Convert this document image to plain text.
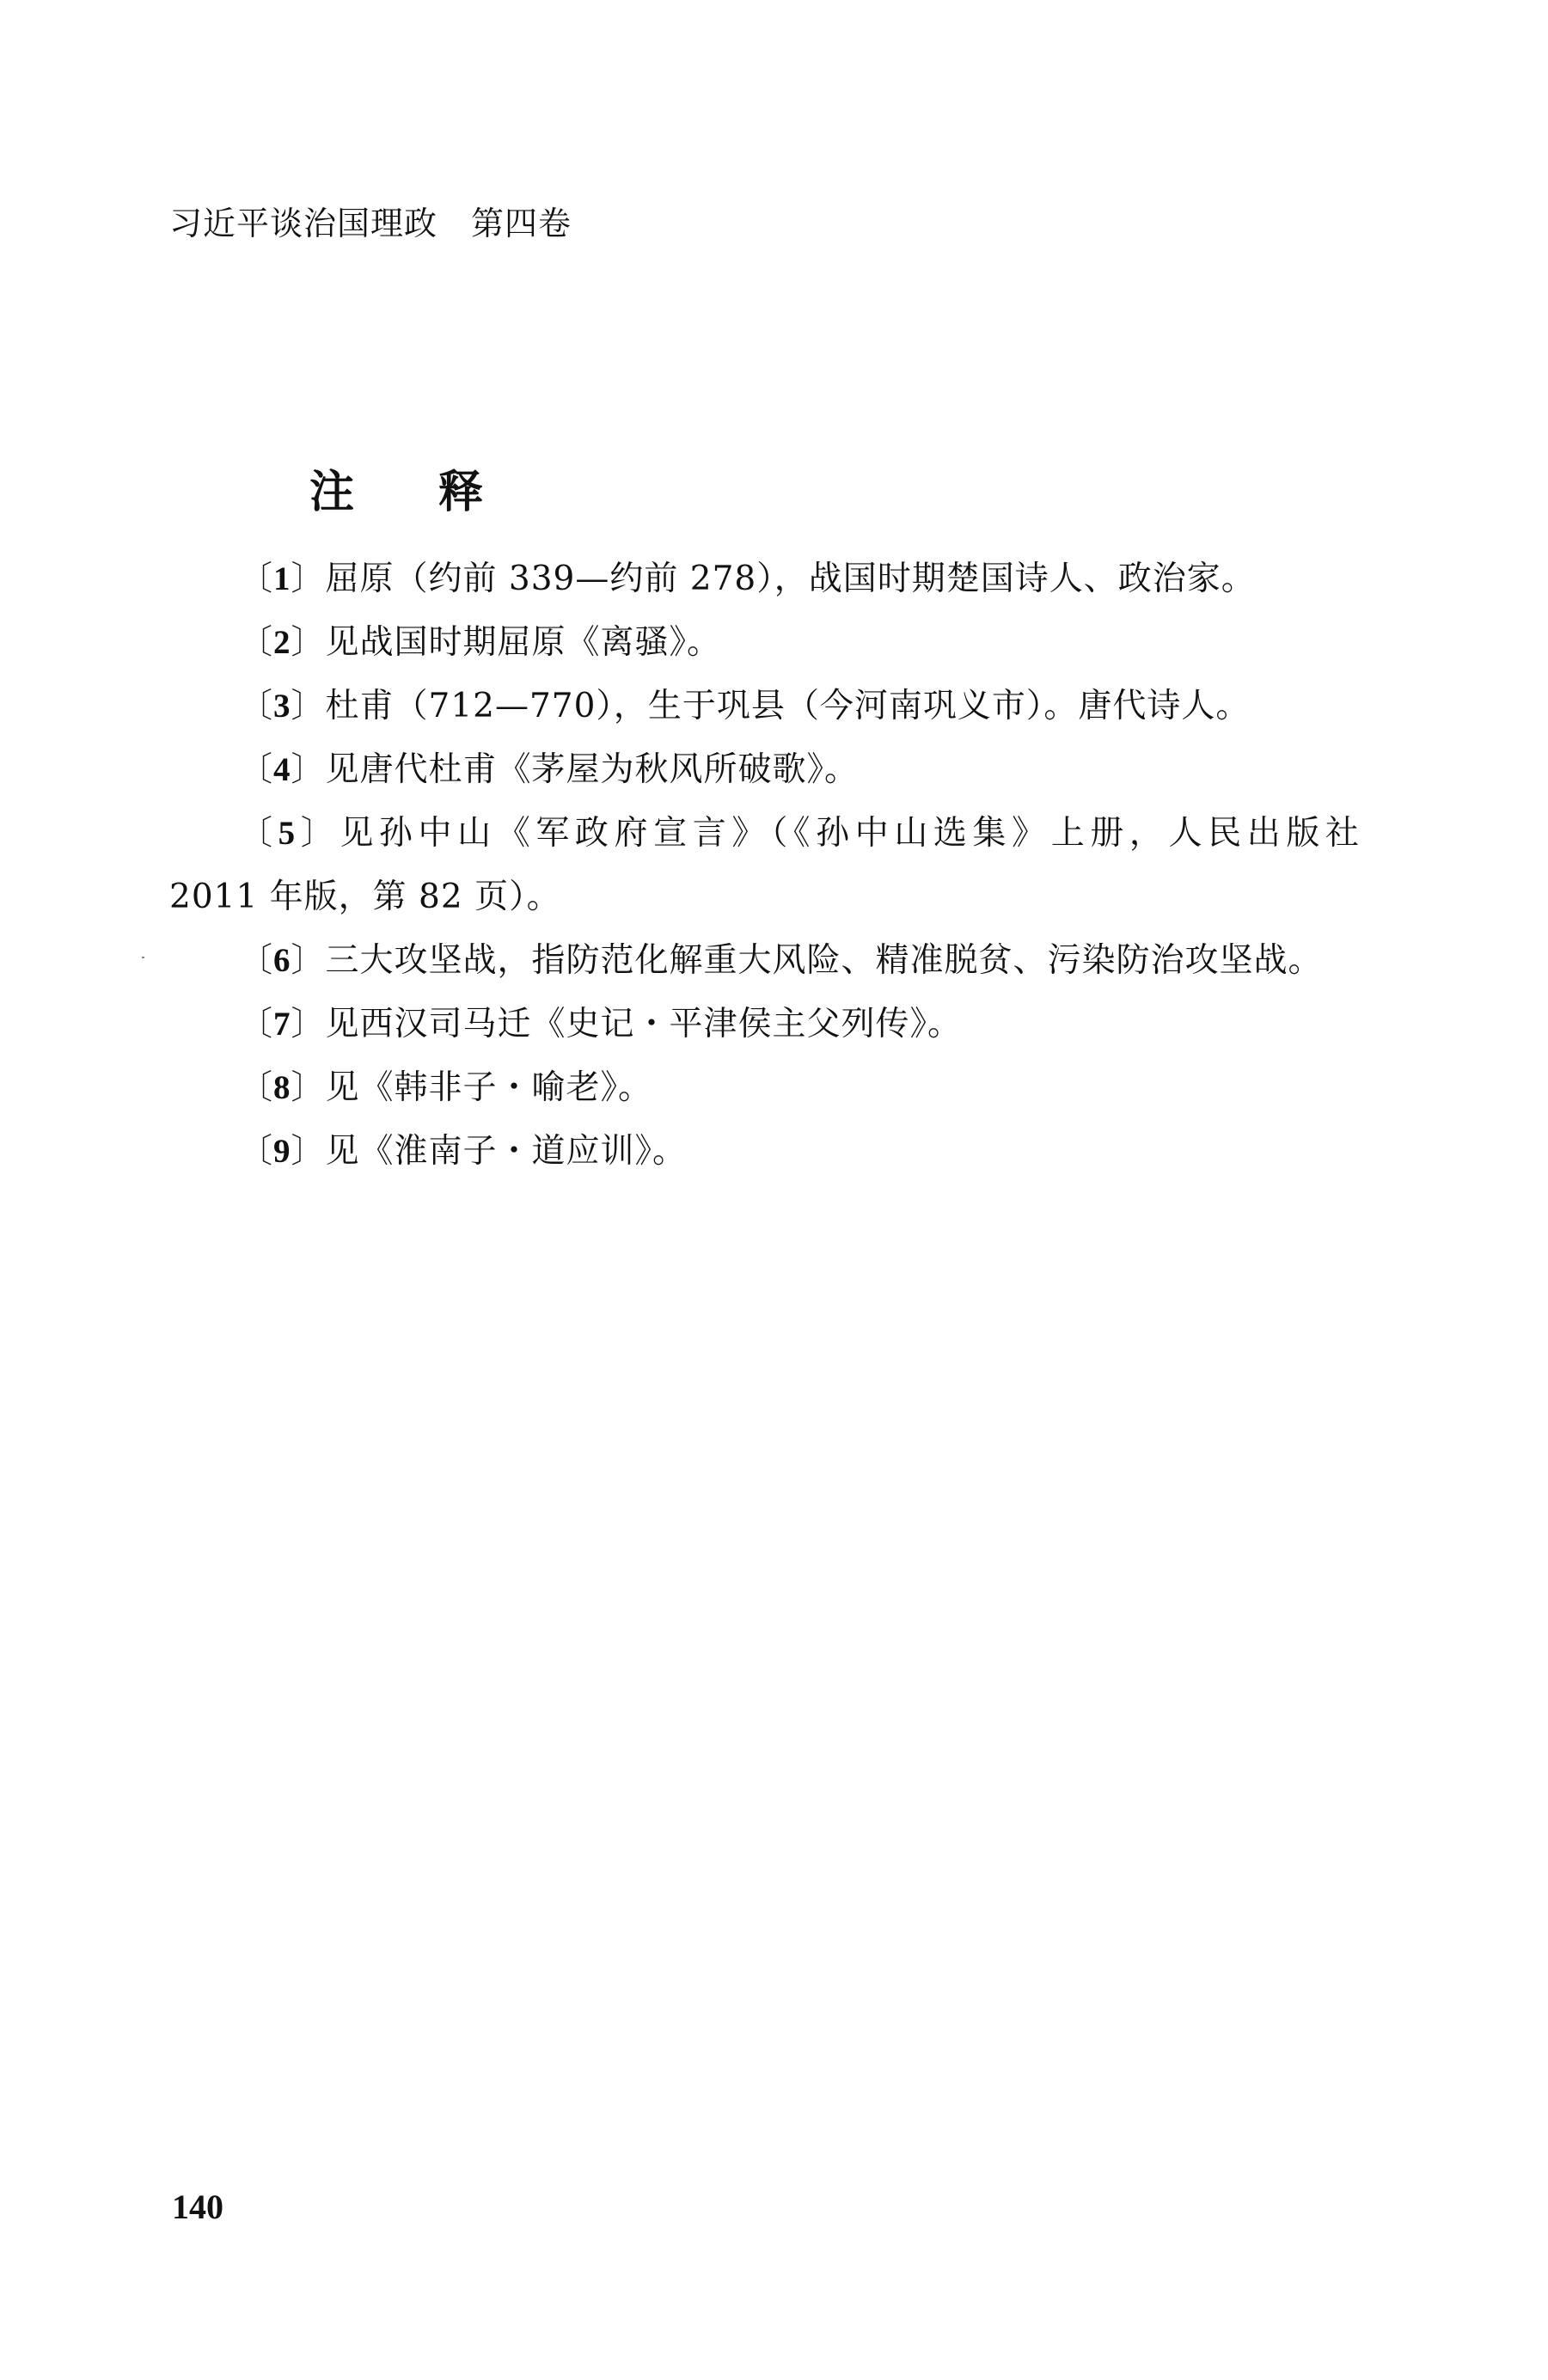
习近平谈治国理政　第四卷
注 释
〔1〕屈原（约前 339—约前 278），战国时期楚国诗人、政治家。
〔2〕见战国时期屈原《离骚》。
〔3〕杜甫（712—770），生于巩县（今河南巩义市）。唐代诗人。
〔4〕见唐代杜甫《茅屋为秋风所破歌》。
〔5〕见孙中山《军政府宣言》（《孙中山选集》上册，人民出版社
2011 年版，第 82 页）。
〔6〕三大攻坚战，指防范化解重大风险、精准脱贫、污染防治攻坚战。
〔7〕见西汉司马迁《史记・平津侯主父列传》。
〔8〕见《韩非子・喻老》。
〔9〕见《淮南子・道应训》。
140
